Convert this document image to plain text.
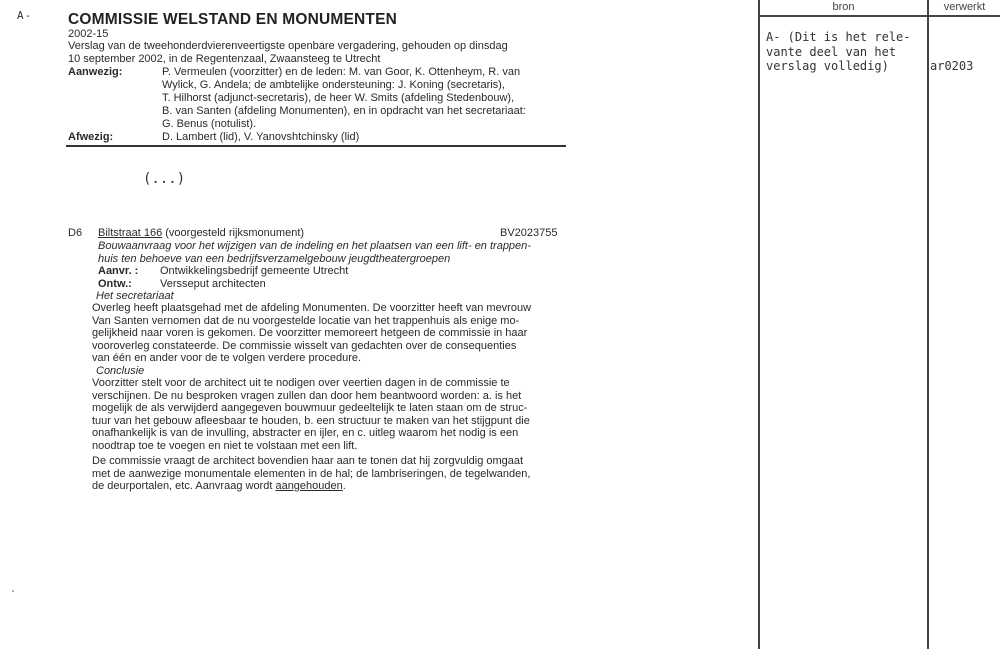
A- COMMISSIE WELSTAND EN MONUMENTEN
2002-15
Verslag van de tweehonderdvierenveertigste openbare vergadering, gehouden op dinsdag
10 september 2002, in de Regentenzaal, Zwaansteeg te Utrecht
Aanwezig:	P. Vermeulen (voorzitter) en de leden: M. van Goor, K. Ottenheym, R. van
Wylick, G. Andela; de ambtelijke ondersteuning: J. Koning (secretaris),
T. Hilhorst (adjunct-secretaris), de heer W. Smits (afdeling Stedenbouw),
B. van Santen (afdeling Monumenten), en in opdracht van het secretariaat:
G. Benus (notulist).
Afwezig:	D. Lambert (lid), V. Yanovshtchinsky (lid)
(...)
D6 Biltstraat 166 (voorgesteld rijksmonument)	BV2023755
Bouwaanvraag voor het wijzigen van de indeling en het plaatsen van een lift- en trappen-
huis ten behoeve van een bedrijfsverzamelgebouw jeugdtheatergroepen
Aanvr. : Ontwikkelingsbedrijf gemeente Utrecht
Ontw.:	Versseput architecten
Het secretariaat
Overleg heeft plaatsgehad met de afdeling Monumenten. De voorzitter heeft van mevrouw
Van Santen vernomen dat de nu voorgestelde locatie van het trappenhuis als enige mo-
gelijkheid naar voren is gekomen. De voorzitter memoreert hetgeen de commissie in haar
vooroverleg constateerde. De commissie wisselt van gedachten over de consequenties
van één en ander voor de te volgen verdere procedure.
Conclusie
Voorzitter stelt voor de architect uit te nodigen over veertien dagen in de commissie te
verschijnen. De nu besproken vragen zullen dan door hem beantwoord worden: a. is het
mogelijk de als verwijderd aangegeven bouwmuur gedeeltelijk te laten staan om de struc-
tuur van het gebouw afleesbaar te houden, b. een structuur te maken van het stijgpunt die
onafhankelijk is van de invulling, abstracter en ijler, en c. uitleg waarom het nodig is een
noodtrap toe te voegen en niet te volstaan met een lift.
De commissie vraagt de architect bovendien haar aan te tonen dat hij zorgvuldig omgaat
met de aanwezige monumentale elementen in de hal; de lambriseringen, de tegelwanden,
de deurportalen, etc. Aanvraag wordt aangehouden.
bron	verwerkt
A- (Dit is het rele-
vante deel van het
verslag volledig)	ar0203
